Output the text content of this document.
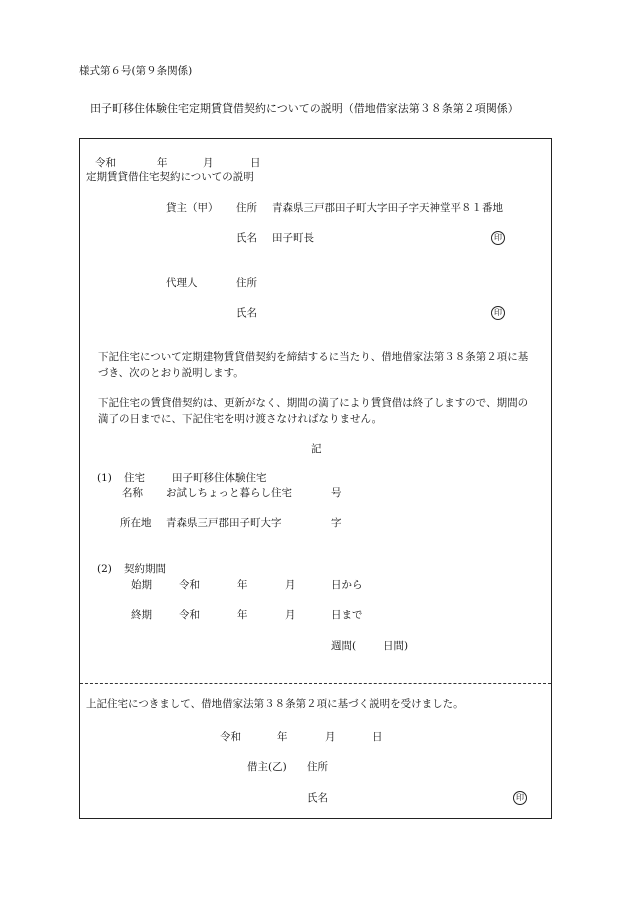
様式第６号(第９条関係)
田子町移住体験住宅定期賃貸借契約についての説明（借地借家法第３８条第２項関係）
令和	年	月	日
定期賃貸借住宅契約についての説明
貸主（甲） 住所 青森県三戸郡田子町大字田子字天神堂平８１番地
氏名 田子町長	印
代理人	住所
氏名	印
下記住宅について定期建物賃貸借契約を締結するに当たり、借地借家法第３８条第２項に基づき、次のとおり説明します。
下記住宅の賃貸借契約は、更新がなく、期間の満了により賃貸借は終了しますので、期間の満了の日までに、下記住宅を明け渡さなければなりません。
記
(1) 住宅	田子町移住体験住宅
名称 お試しちょっと暮らし住宅	号
所在地 青森県三戸郡田子町大字	字
(2) 契約期間
始期	令和	年	月	日から
終期	令和	年	月	日まで
週間(	日間)
上記住宅につきまして、借地借家法第３８条第２項に基づく説明を受けました。
令和	年	月	日
借主(乙) 住所
氏名	印
